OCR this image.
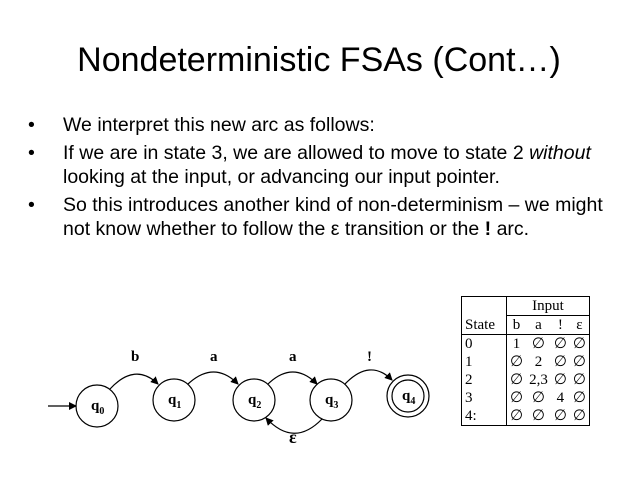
Nondeterministic FSAs (Cont…)
• We interpret this new arc as follows:
• If we are in state 3, we are allowed to move to state 2 without looking at the input, or advancing our input pointer.
• So this introduces another kind of non-determinism – we might not know whether to follow the ε transition or the ! arc.
$q_0$
$q_1$	$q_2$	$q_3$
$q_4$
b	a	a	!
ε
	Input			
State	b	a	!	ε
0	1	∅	∅	∅
1	∅	2	∅	∅
2	∅	2,3	∅	∅
3	∅	∅	4	∅
4:	∅	∅	∅	∅
